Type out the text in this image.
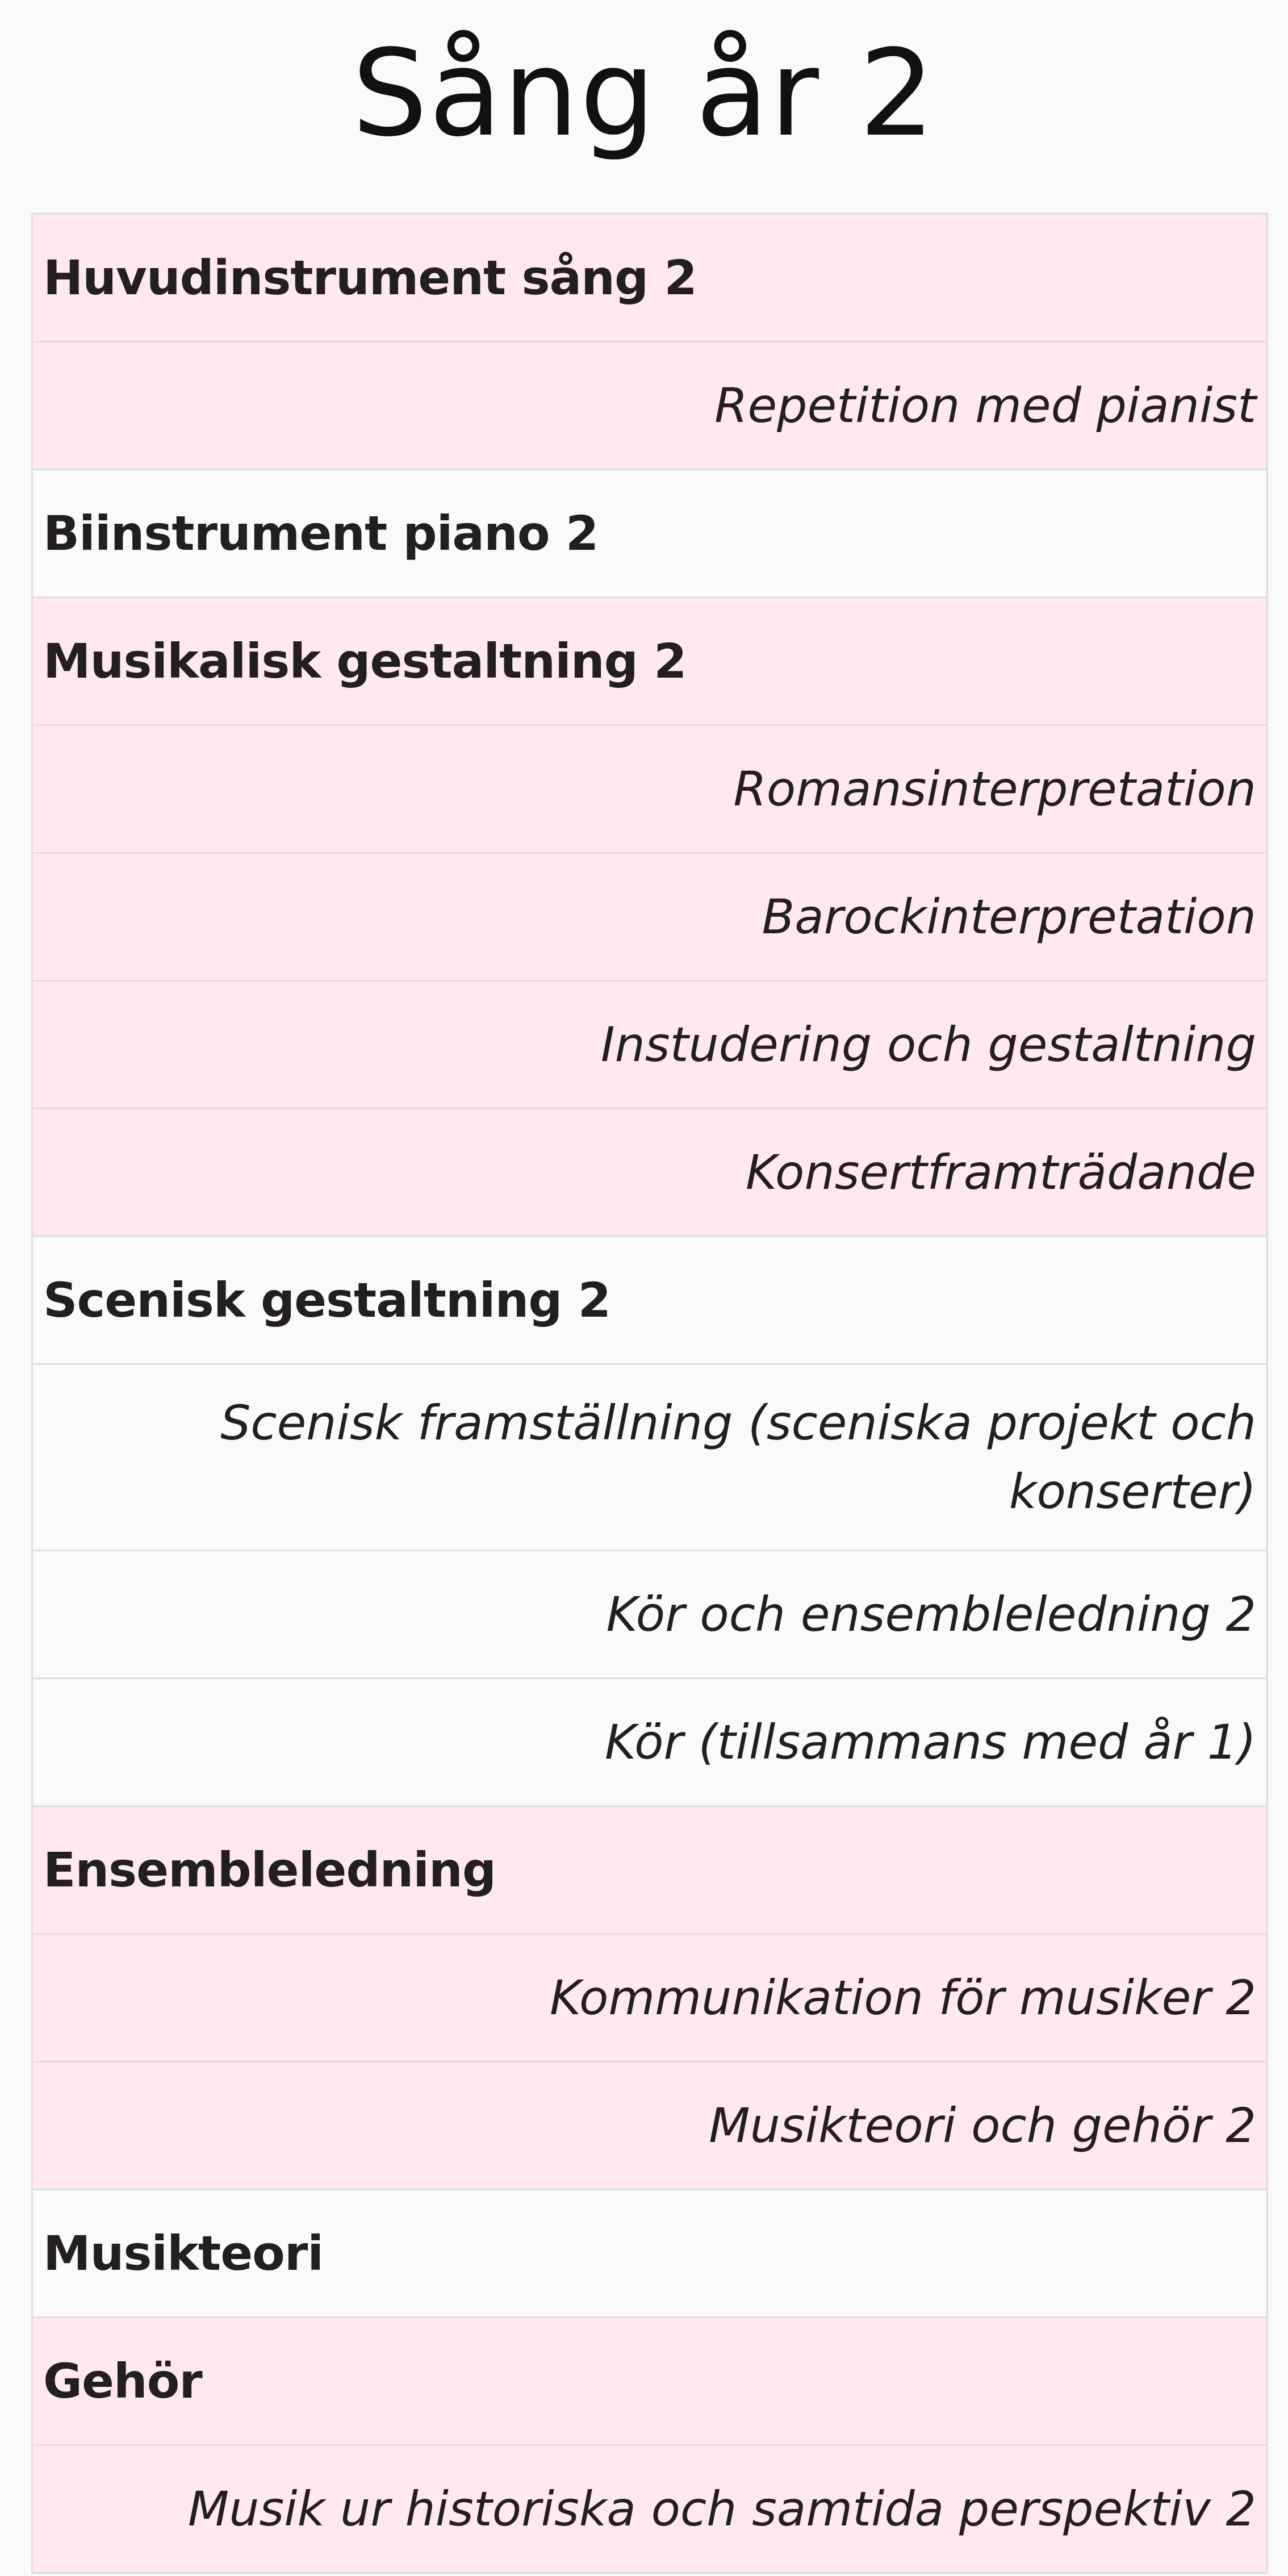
Sång år 2
Huvudinstrument sång 2
Repetition med pianist
Biinstrument piano 2
Musikalisk gestaltning 2
Romansinterpretation
Barockinterpretation
Instudering och gestaltning
Konsertframträdande
Scenisk gestaltning 2
Scenisk framställning (sceniska projekt och konserter)
Kör och ensembleledning 2
Kör (tillsammans med år 1)
Ensembleledning
Kommunikation för musiker 2
Musikteori och gehör 2
Musikteori
Gehör
Musik ur historiska och samtida perspektiv 2
